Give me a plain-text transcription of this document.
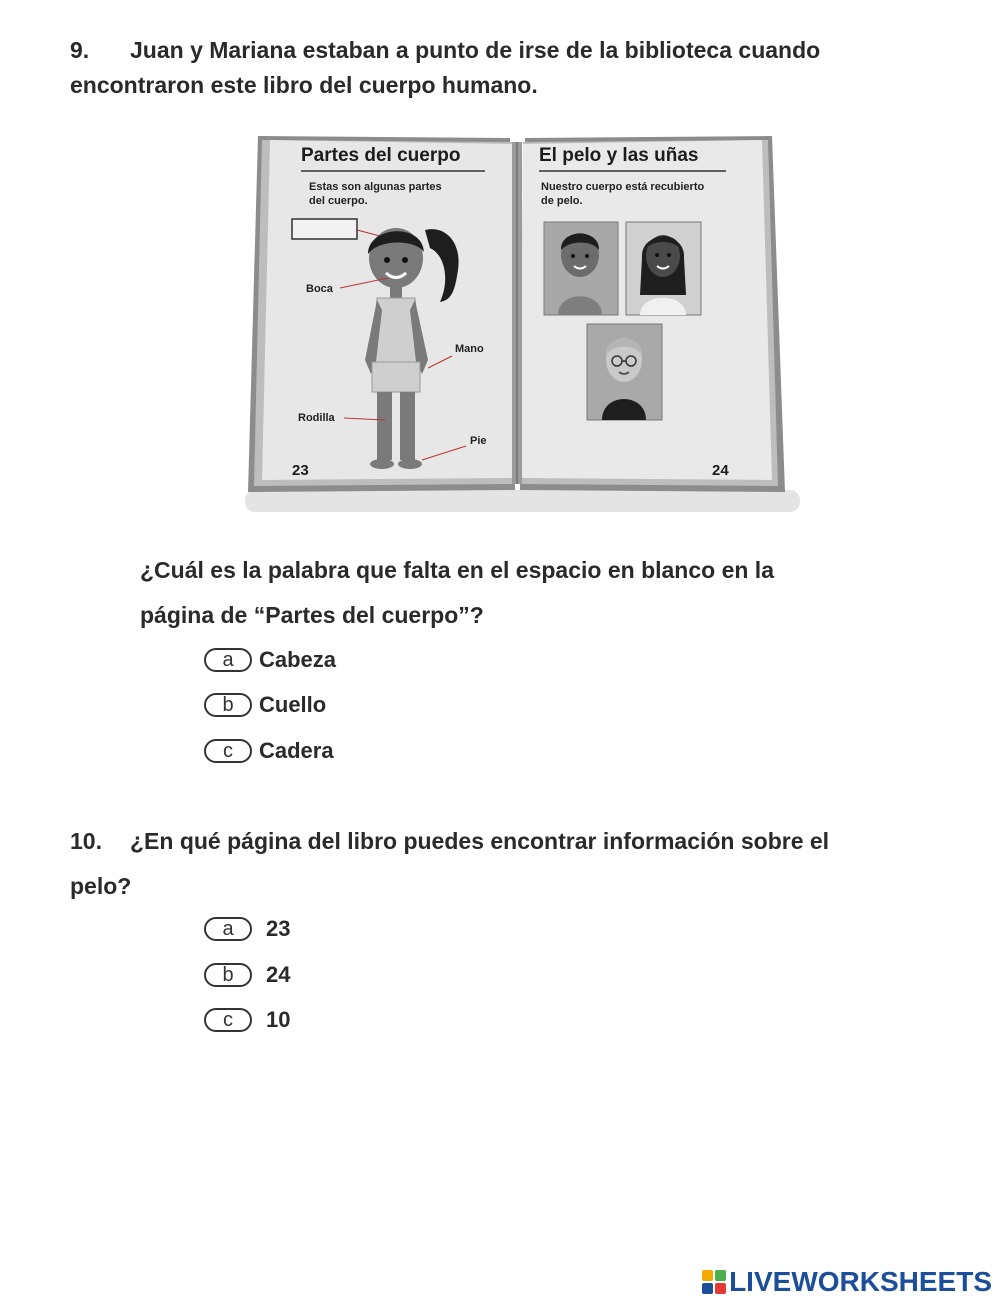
9. Juan y Mariana estaban a punto de irse de la biblioteca cuando
encontraron este libro del cuerpo humano.
Partes del cuerpo
Estas son algunas partes
del cuerpo.
Boca
Mano
Rodilla
Pie
23
El pelo y las uñas
Nuestro cuerpo está recubierto
de pelo.
24
¿Cuál es la palabra que falta en el espacio en blanco en la
página de “Partes del cuerpo”?
a	Cabeza
b	Cuello
c	Cadera
10. ¿En qué página del libro puedes encontrar información sobre el
pelo?
a	23
b	24
c	10
LIVEWORKSHEETS
